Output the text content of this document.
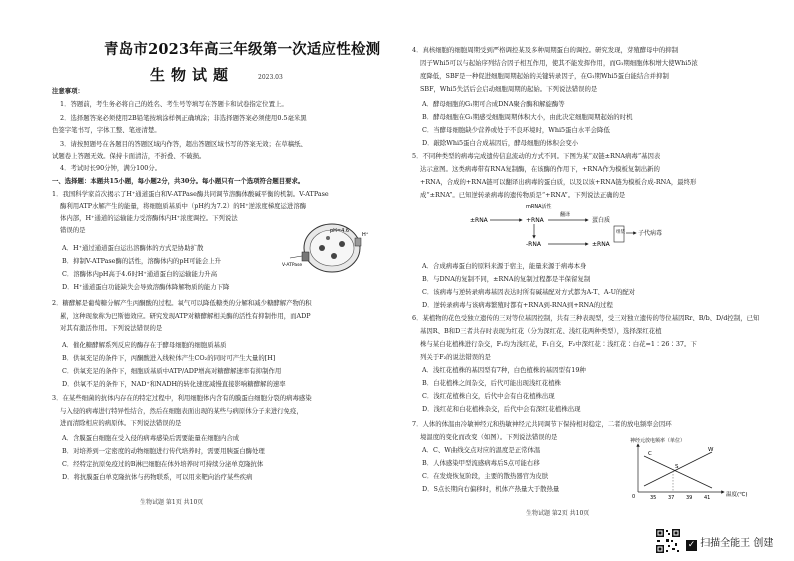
青岛市2023年高三年级第一次适应性检测
生物试题	2023.03
注意事项：
1．答题前，考生务必将自己的姓名、考生号等填写在答题卡和试卷指定位置上。
2．选择题答案必须使用2B铅笔按填涂样例正确填涂；非选择题答案必须使用0.5毫米黑
色签字笔书写，字体工整、笔迹清楚。
3．请按照题号在各题目的答题区域内作答，超出答题区域书写的答案无效；在草稿纸、
试题卷上答题无效。保持卡面清洁，不折叠、不破损。
4．考试时长90分钟，满分100分。
一、选择题：本题共15小题，每小题2分，共30分。每小题只有一个选项符合题目要求。
1．我国科学家首次揭示了H⁺通道蛋白和V-ATPase酶共同调节溶酶体酸碱平衡的机制。V-ATPase
酶利用ATP水解产生的能量，将细胞质基质中（pH约为7.2）的H⁺逆浓度梯度运进溶酶
体内部，H⁺通道的运输能力受溶酶体内H⁺浓度调控。下列说法
错误的是
A．H⁺通过通道蛋白运出溶酶体的方式是协助扩散
B．抑制V-ATPase酶的活性，溶酶体内的pH可能会上升
C．溶酶体内pH高于4.6时H⁺通道蛋白的运输能力升高
D．H⁺通道蛋白功能缺失会导致溶酶体降解物质的能力下降
pH=4.6
V-ATPase
H⁺
2．糖酵解是葡萄糖分解产生丙酮酸的过程。氧气可以降低糖类的分解和减少糖酵解产物的积
累，这种现象称为巴斯德效应。研究发现ATP对糖酵解相关酶的活性有抑制作用，而ADP
对其有激活作用。下列说法错误的是
A．催化糖酵解系列反应的酶存在于酵母细胞的细胞质基质
B．供氧充足的条件下，丙酮酸进入线粒体产生CO₂的同时可产生大量的[H]
C．供氧充足的条件下，细胞质基质中ATP/ADP增高对糖酵解速率有抑制作用
D．供氧不足的条件下，NAD⁺和NADH的转化速度减慢直接影响糖酵解的速率
3．在某些细菌的抗体内存在的特定过程中，利用细胞体内含有的膜蛋白细胞分裂的病毒感染
与入侵的病毒进行特异性结合，然后在细胞表面出现的某些与病原体分子来进行免疫，
进而清除相应的病原体。下列说法错误的是
A．含膜蛋白细胞在受入侵的病毒感染后需要能量在细胞内合成
B．对培养到一定密度的动物细胞进行传代培养时，需要用胰蛋白酶处理
C．经特定抗原免疫过的B淋巴细胞在体外培养时可持续分泌单克隆抗体
D．将抗膜蛋白单克隆抗体与药物联系，可以用来靶向治疗某些疾病
生物试题 第1页 共10页
4．真核细胞的细胞周期受到严格调控某及多种周期蛋白的调控。研究发现，芽殖酵母中的抑制
因子Whi5可以与起始序列结合因子相互作用，使其不能发挥作用，而G₁期细胞体积增大使Whi5浓
度降低，SBF是一种促进细胞周期起始的关键转录因子，在G₁期Whi5蛋白能结合并抑制
SBF，Whi5失活后会启动细胞周期的起始。下列说法错误的是
A．酵母细胞的G₁期可合成DNA聚合酶和解旋酶等
B．酵母细胞在G₁期感受细胞周期体积大小，由此决定细胞周期起始的时机
C．当酵母细胞缺少营养或处于不良环境时，Whi5蛋白水平会降低
D．敲除Whi5蛋白合成基因后，酵母细胞的体积会变小
5．不同种类型的病毒完成遗传信息流动的方式不同。下图为某“双链±RNA病毒”基因表
达示意图。这类病毒带有RNA复制酶，在该酶的作用下，+RNA作为模板复制出新的
+RNA，合成的+RNA链可以翻译出病毒的蛋白质，以及以该+RNA链为模板合成-RNA，最终形
成“±RNA”。已知逆转录病毒的遗传物质是“+RNA”。下列说法正确的是
±RNA	+RNA
mRNA活性
翻译
蛋白质
-RNA	±RNA
组装 子代病毒
A．合成病毒蛋白的原料来源于宿主，能量来源于病毒本身
B．与DNA的复制不同，±RNA的复制过程都是半保留复制
C．该病毒与逆转录病毒基因表达时所有碱基配对方式都为A-T、A-U的配对
D．逆转录病毒与该病毒繁殖时都有+RNA到-RNA到+RNA的过程
6．某植物的花色受独立遗传的三对等位基因控制，共有三种表现型，受三对独立遗传的等位基因Rr、B/b、D/d控制，已知
基因R、B和D三者共存时表现为红花（分为深红花、浅红花两种类型），选择深红花植
株与某白花植株进行杂交，F₁均为浅红花，F₁自交，F₂中深红花∶浅红花∶白花=1∶26∶37。下
列关于F₂的说法错误的是
A．浅红花植株的基因型有7种，白色植株的基因型有19种
B．白花植株之间杂交，后代可能出现浅红花植株
C．浅红花植株自交，后代中会有白花植株出现
D．浅红花和白花植株杂交，后代中会有深红花植株出现
7．人体的体温由冷敏神经元和热敏神经元共同调节下保持相对稳定，二者的放电频率会因环
境温度的变化而改变（如图）。下列说法错误的是
A．C、W曲线交点对应的温度是正常体温
B．人体感染甲型流感病毒后S点可能右移
C．在发烧恢复阶段，主要的散热器官为皮肤
D．S点长期向右偏移时，机体产热量大于散热量
神经元放电频率（单位）
0	35 37 39 41	温度(℃)
C
W
S
生物试题 第2页 共10页
✓ 扫描全能王 创建
